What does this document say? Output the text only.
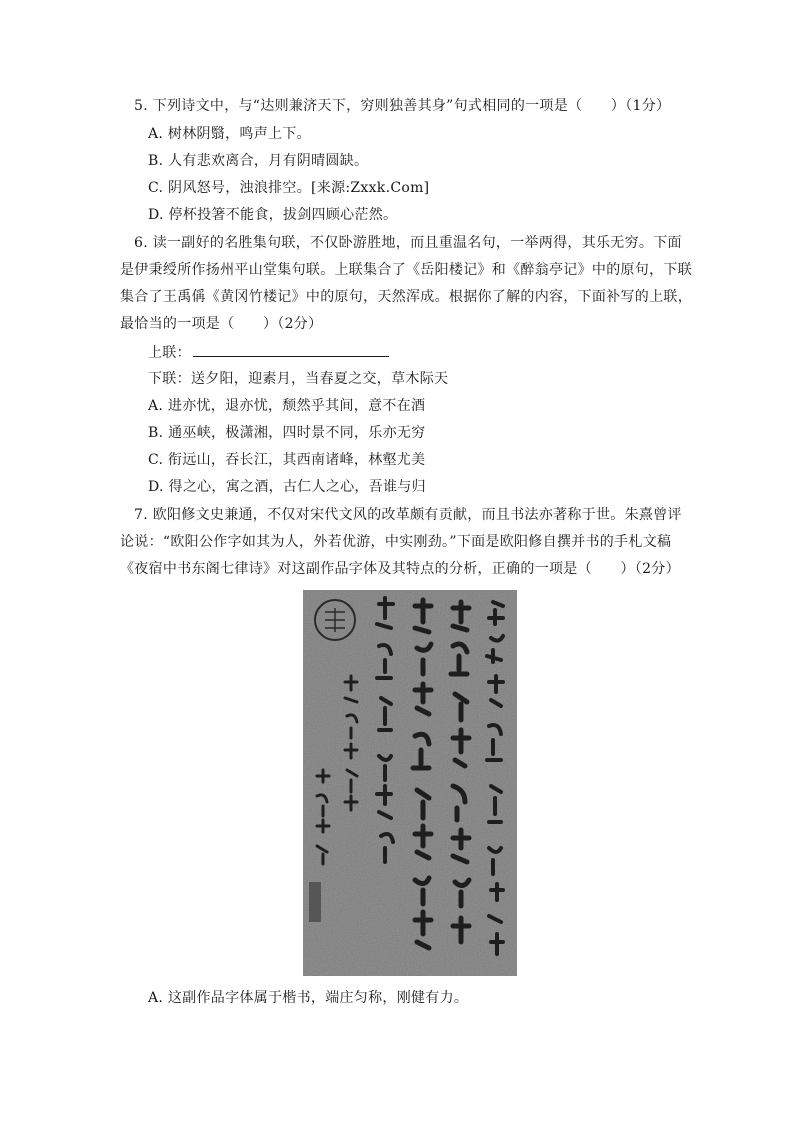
5. 下列诗文中，与“达则兼济天下，穷则独善其身”句式相同的一项是（　　）（1分）
A. 树林阴翳，鸣声上下。
B. 人有悲欢离合，月有阴晴圆缺。
C. 阴风怒号，浊浪排空。[来源:Zxxk.Com]
D. 停杯投箸不能食，拔剑四顾心茫然。
6. 读一副好的名胜集句联，不仅卧游胜地，而且重温名句，一举两得，其乐无穷。下面
是伊秉绶所作扬州平山堂集句联。上联集合了《岳阳楼记》和《醉翁亭记》中的原句，下联
集合了王禹偁《黄冈竹楼记》中的原句，天然浑成。根据你了解的内容，下面补写的上联，
最恰当的一项是（　　）（2分）
上联：
下联：送夕阳，迎素月，当春夏之交，草木际天
A. 进亦忧，退亦忧，颓然乎其间，意不在酒
B. 通巫峡，极潇湘，四时景不同，乐亦无穷
C. 衔远山，吞长江，其西南诸峰，林壑尤美
D. 得之心，寓之酒，古仁人之心，吾谁与归
7. 欧阳修文史兼通，不仅对宋代文风的改革颇有贡献，而且书法亦著称于世。朱熹曾评
论说：“欧阳公作字如其为人，外若优游，中实刚劲。”下面是欧阳修自撰并书的手札文稿
《夜宿中书东阁七律诗》对这副作品字体及其特点的分析，正确的一项是（　　）（2分）
A. 这副作品字体属于楷书，端庄匀称，刚健有力。
